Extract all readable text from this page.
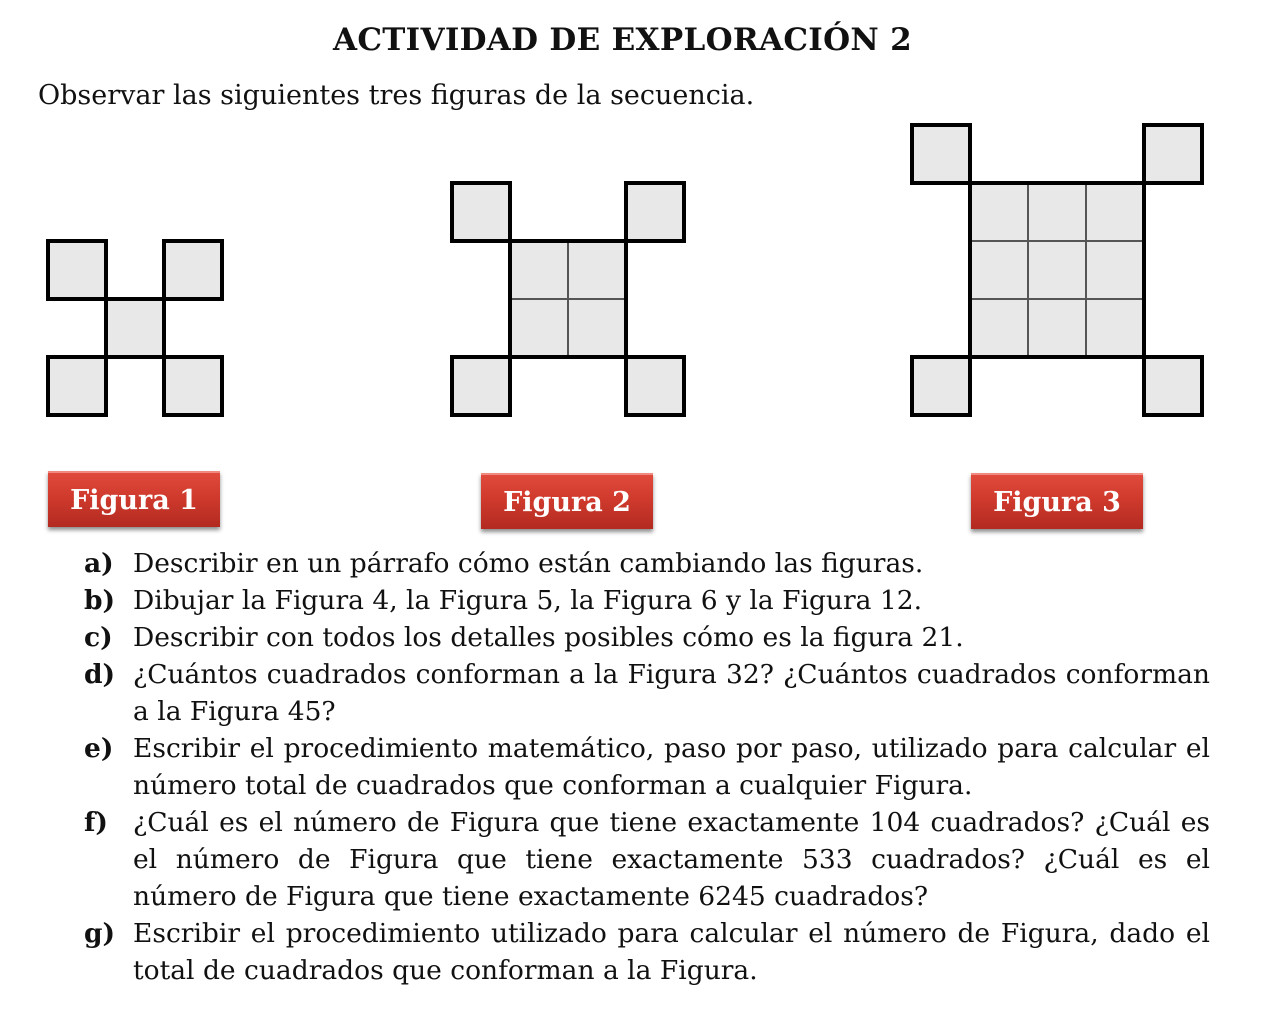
ACTIVIDAD DE EXPLORACIÓN 2
Observar las siguientes tres figuras de la secuencia.
Figura 1	Figura 2	Figura 3
a) Describir en un párrafo cómo están cambiando las figuras.
b) Dibujar la Figura 4, la Figura 5, la Figura 6 y la Figura 12.
c) Describir con todos los detalles posibles cómo es la figura 21.
d) ¿Cuántos cuadrados conforman a la Figura 32? ¿Cuántos cuadrados conforman a la Figura 45?
e) Escribir el procedimiento matemático, paso por paso, utilizado para calcular el número total de cuadrados que conforman a cualquier Figura.
f) ¿Cuál es el número de Figura que tiene exactamente 104 cuadrados? ¿Cuál es el número de Figura que tiene exactamente 533 cuadrados? ¿Cuál es el número de Figura que tiene exactamente 6245 cuadrados?
g) Escribir el procedimiento utilizado para calcular el número de Figura, dado el total de cuadrados que conforman a la Figura.
